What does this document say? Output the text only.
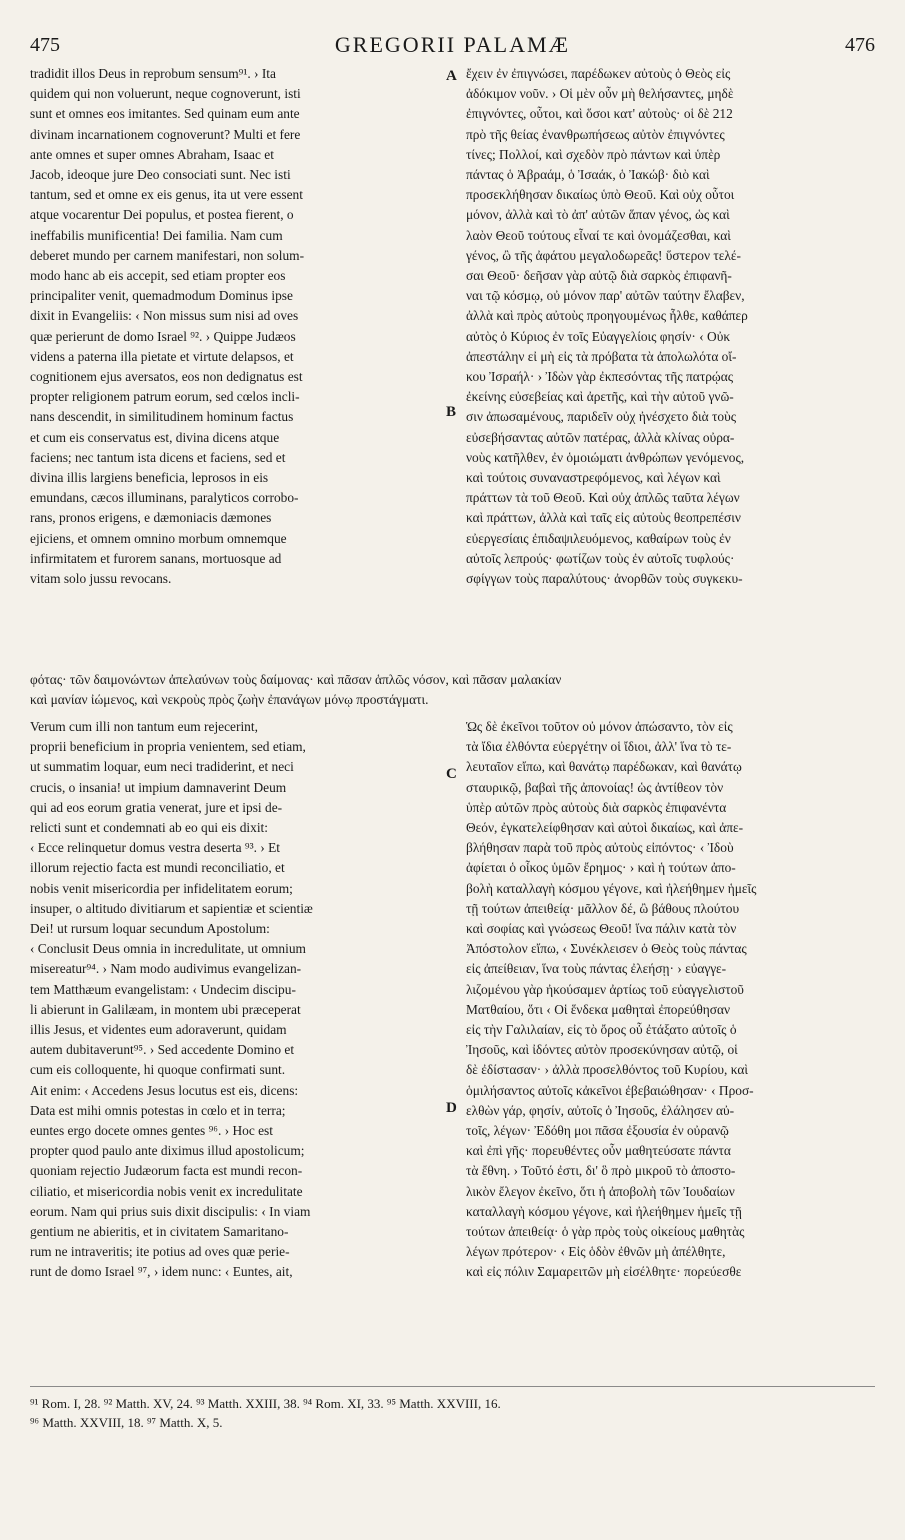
475	GREGORII PALAMÆ	476
tradidit illos Deus in reprobum sensum⁹¹. › Ita
quidem qui non voluerunt, neque cognoverunt, isti
sunt et omnes eos imitantes. Sed quinam eum ante
divinam incarnationem cognoverunt? Multi et fere
ante omnes et super omnes Abraham, Isaac et
Jacob, ideoque jure Deo consociati sunt. Nec isti
tantum, sed et omne ex eis genus, ita ut vere essent
atque vocarentur Dei populus, et postea fierent, o
ineffabilis munificentia! Dei familia. Nam cum
deberet mundo per carnem manifestari, non solum-
modo hanc ab eis accepit, sed etiam propter eos
principaliter venit, quemadmodum Dominus ipse
dixit in Evangeliis: ‹ Non missus sum nisi ad oves
quæ perierunt de domo Israel ⁹². › Quippe Judæos
videns a paterna illa pietate et virtute delapsos, et
cognitionem ejus aversatos, eos non dedignatus est
propter religionem patrum eorum, sed cœlos incli-
nans descendit, in similitudinem hominum factus
et cum eis conservatus est, divina dicens atque
faciens; nec tantum ista dicens et faciens, sed et
divina illis largiens beneficia, leprosos in eis
emundans, cæcos illuminans, paralyticos corrobo-
rans, pronos erigens, e dæmoniacis dæmones
ejiciens, et omnem omnino morbum omnemque
infirmitatem et furorem sanans, mortuosque ad
vitam solo jussu revocans.
ἔχειν ἐν ἐπιγνώσει, παρέδωκεν αὐτοὺς ὁ Θεὸς εἰς
ἀδόκιμον νοῦν. › Οἱ μὲν οὖν μὴ θελήσαντες, μηδὲ
ἐπιγνόντες, οὗτοι, καὶ ὅσοι κατ' αὐτοὺς· οἱ δὲ 212
πρὸ τῆς θείας ἐνανθρωπήσεως αὐτὸν ἐπιγνόντες
τίνες; Πολλοί, καὶ σχεδὸν πρὸ πάντων καὶ ὑπὲρ
πάντας ὁ Ἀβραάμ, ὁ Ἰσαάκ, ὁ Ἰακώβ· διὸ καὶ
προσεκλήθησαν δικαίως ὑπὸ Θεοῦ. Καὶ οὐχ οὗτοι
μόνον, ἀλλὰ καὶ τὸ ἀπ' αὐτῶν ἅπαν γένος, ὡς καὶ
λαὸν Θεοῦ τούτους εἶναί τε καὶ ὀνομάζεσθαι, καὶ
γένος, ὢ τῆς ἀφάτου μεγαλοδωρεᾶς! ὕστερον τελέ-
σαι Θεοῦ· δεῆσαν γὰρ αὐτῷ διὰ σαρκὸς ἐπιφανῆ-
ναι τῷ κόσμῳ, οὐ μόνον παρ' αὐτῶν ταύτην ἔλαβεν,
ἀλλὰ καὶ πρὸς αὐτοὺς προηγουμένως ἦλθε, καθάπερ
αὐτὸς ὁ Κύριος ἐν τοῖς Εὐαγγελίοις φησίν· ‹ Οὐκ
ἀπεστάλην εἰ μὴ εἰς τὰ πρόβατα τὰ ἀπολωλότα οἴ-
κου Ἰσραήλ· › Ἰδὼν γὰρ ἐκπεσόντας τῆς πατρῴας
ἐκείνης εὐσεβείας καὶ ἀρετῆς, καὶ τὴν αὐτοῦ γνῶ-
σιν ἀπωσαμένους, παριδεῖν οὐχ ἠνέσχετο διὰ τοὺς
εὐσεβήσαντας αὐτῶν πατέρας, ἀλλὰ κλίνας οὐρα-
νοὺς κατῆλθεν, ἐν ὁμοιώματι ἀνθρώπων γενόμενος,
καὶ τούτοις συναναστρεφόμενος, καὶ λέγων καὶ
πράττων τὰ τοῦ Θεοῦ. Καὶ οὐχ ἁπλῶς ταῦτα λέγων
καὶ πράττων, ἀλλὰ καὶ ταῖς εἰς αὐτοὺς θεοπρεπέσιν
εὐεργεσίαις ἐπιδαψιλευόμενος, καθαίρων τοὺς ἐν
αὐτοῖς λεπρούς· φωτίζων τοὺς ἐν αὐτοῖς τυφλούς·
σφίγγων τοὺς παραλύτους· ἀνορθῶν τοὺς συγκεκυ-
φότας· τῶν δαιμονώντων ἀπελαύνων τοὺς δαίμονας· καὶ πᾶσαν ἁπλῶς νόσον, καὶ πᾶσαν μαλακίαν
καὶ μανίαν ἰώμενος, καὶ νεκροὺς πρὸς ζωὴν ἐπανάγων μόνῳ προστάγματι.
Verum cum illi non tantum eum rejecerint,
proprii beneficium in propria venientem, sed etiam,
ut summatim loquar, eum neci tradiderint, et neci
crucis, o insania! ut impium damnaverint Deum
qui ad eos eorum gratia venerat, jure et ipsi de-
relicti sunt et condemnati ab eo qui eis dixit:
‹ Ecce relinquetur domus vestra deserta ⁹³. › Et
illorum rejectio facta est mundi reconciliatio, et
nobis venit misericordia per infidelitatem eorum;
insuper, o altitudo divitiarum et sapientiæ et scientiæ
Dei! ut rursum loquar secundum Apostolum:
‹ Conclusit Deus omnia in incredulitate, ut omnium
misereatur⁹⁴. › Nam modo audivimus evangelizan-
tem Matthæum evangelistam: ‹ Undecim discipu-
li abierunt in Galilæam, in montem ubi præceperat
illis Jesus, et videntes eum adoraverunt, quidam
autem dubitaverunt⁹⁵. › Sed accedente Domino et
cum eis colloquente, hi quoque confirmati sunt.
Ait enim: ‹ Accedens Jesus locutus est eis, dicens:
Data est mihi omnis potestas in cœlo et in terra;
euntes ergo docete omnes gentes ⁹⁶. › Hoc est
propter quod paulo ante diximus illud apostolicum;
quoniam rejectio Judæorum facta est mundi recon-
ciliatio, et misericordia nobis venit ex incredulitate
eorum. Nam qui prius suis dixit discipulis: ‹ In viam
gentium ne abieritis, et in civitatem Samaritano-
rum ne intraveritis; ite potius ad oves quæ perie-
runt de domo Israel ⁹⁷, › idem nunc: ‹ Euntes, ait,
Ὡς δὲ ἐκεῖνοι τοῦτον οὐ μόνον ἀπώσαντο, τὸν εἰς
τὰ ἴδια ἐλθόντα εὐεργέτην οἱ ἴδιοι, ἀλλ' ἵνα τὸ τε-
λευταῖον εἴπω, καὶ θανάτῳ παρέδωκαν, καὶ θανάτῳ
σταυρικῷ, βαβαὶ τῆς ἀπονοίας! ὡς ἀντίθεον τὸν
ὑπὲρ αὐτῶν πρὸς αὐτοὺς διὰ σαρκὸς ἐπιφανέντα
Θεόν, ἐγκατελείφθησαν καὶ αὐτοὶ δικαίως, καὶ ἀπε-
βλήθησαν παρὰ τοῦ πρὸς αὐτοὺς εἰπόντος· ‹ Ἰδοὺ
ἀφίεται ὁ οἶκος ὑμῶν ἔρημος· › καὶ ἡ τούτων ἀπο-
βολὴ καταλλαγὴ κόσμου γέγονε, καὶ ἠλεήθημεν ἡμεῖς
τῇ τούτων ἀπειθείᾳ· μᾶλλον δέ, ὢ βάθους πλούτου
καὶ σοφίας καὶ γνώσεως Θεοῦ! ἵνα πάλιν κατὰ τὸν
Ἀπόστολον εἴπω, ‹ Συνέκλεισεν ὁ Θεὸς τοὺς πάντας
εἰς ἀπείθειαν, ἵνα τοὺς πάντας ἐλεήσῃ· › εὐαγγε-
λιζομένου γὰρ ἠκούσαμεν ἀρτίως τοῦ εὐαγγελιστοῦ
Ματθαίου, ὅτι ‹ Οἱ ἕνδεκα μαθηταὶ ἐπορεύθησαν
εἰς τὴν Γαλιλαίαν, εἰς τὸ ὄρος οὗ ἐτάξατο αὐτοῖς ὁ
Ἰησοῦς, καὶ ἰδόντες αὐτὸν προσεκύνησαν αὐτῷ, οἱ
δὲ ἐδίστασαν· › ἀλλὰ προσελθόντος τοῦ Κυρίου, καὶ
ὁμιλήσαντος αὐτοῖς κἀκεῖνοι ἐβεβαιώθησαν· ‹ Προσ-
ελθὼν γάρ, φησίν, αὐτοῖς ὁ Ἰησοῦς, ἐλάλησεν αὐ-
τοῖς, λέγων· Ἐδόθη μοι πᾶσα ἐξουσία ἐν οὐρανῷ
καὶ ἐπὶ γῆς· πορευθέντες οὖν μαθητεύσατε πάντα
τὰ ἔθνη. › Τοῦτό ἐστι, δι' ὃ πρὸ μικροῦ τὸ ἀποστο-
λικὸν ἔλεγον ἐκεῖνο, ὅτι ἡ ἀποβολὴ τῶν Ἰουδαίων
καταλλαγὴ κόσμου γέγονε, καὶ ἠλεήθημεν ἡμεῖς τῇ
τούτων ἀπειθείᾳ· ὁ γὰρ πρὸς τοὺς οἰκείους μαθητὰς
λέγων πρότερον· ‹ Εἰς ὁδὸν ἐθνῶν μὴ ἀπέλθητε,
καὶ εἰς πόλιν Σαμαρειτῶν μὴ εἰσέλθητε· πορεύεσθε
A
B
C
D
⁹¹ Rom. I, 28. ⁹² Matth. XV, 24. ⁹³ Matth. XXIII, 38. ⁹⁴ Rom. XI, 33. ⁹⁵ Matth. XXVIII, 16.
⁹⁶ Matth. XXVIII, 18. ⁹⁷ Matth. X, 5.
